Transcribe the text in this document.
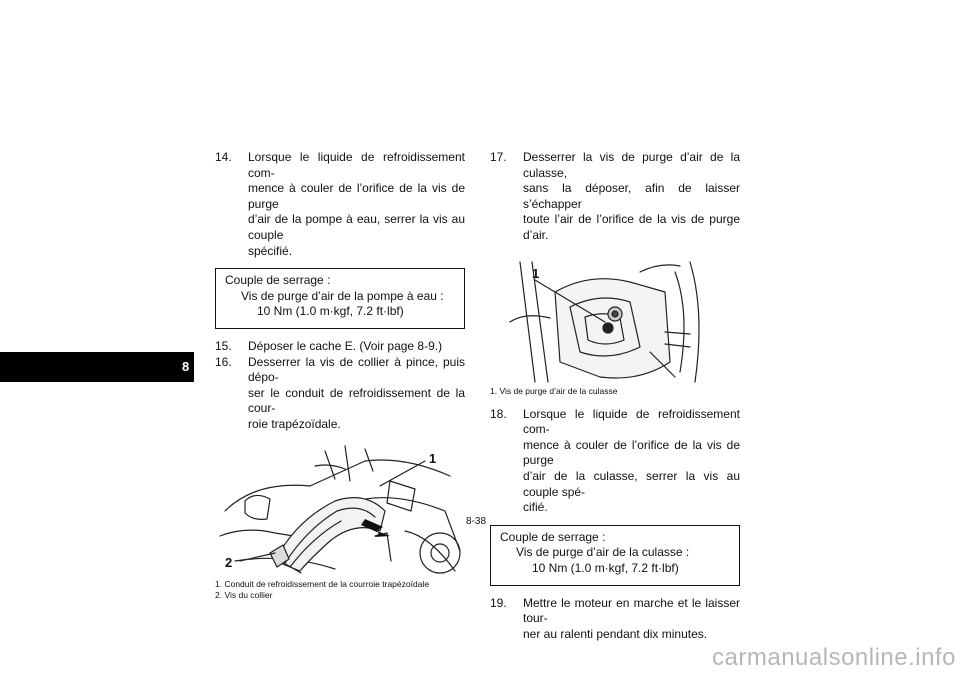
8
14. Lorsque le liquide de refroidissement com-
mence à couler de l’orifice de la vis de purge
d’air de la pompe à eau, serrer la vis au couple
spécifié.
Couple de serrage :
Vis de purge d’air de la pompe à eau :
10 Nm (1.0 m·kgf, 7.2 ft·lbf)
15. Déposer le cache E. (Voir page 8-9.)
16. Desserrer la vis de collier à pince, puis dépo-
ser le conduit de refroidissement de la cour-
roie trapézoïdale.
1
2
1. Conduit de refroidissement de la courroie trapézoïdale
2. Vis du collier
17. Desserrer la vis de purge d’air de la culasse,
sans la déposer, afin de laisser s’échapper
toute l’air de l’orifice de la vis de purge d’air.
1
1. Vis de purge d’air de la culasse
18. Lorsque le liquide de refroidissement com-
mence à couler de l’orifice de la vis de purge
d’air de la culasse, serrer la vis au couple spé-
cifié.
Couple de serrage :
Vis de purge d’air de la culasse :
10 Nm (1.0 m·kgf, 7.2 ft·lbf)
19. Mettre le moteur en marche et le laisser tour-
ner au ralenti pendant dix minutes.
8-38
carmanualsonline.info
